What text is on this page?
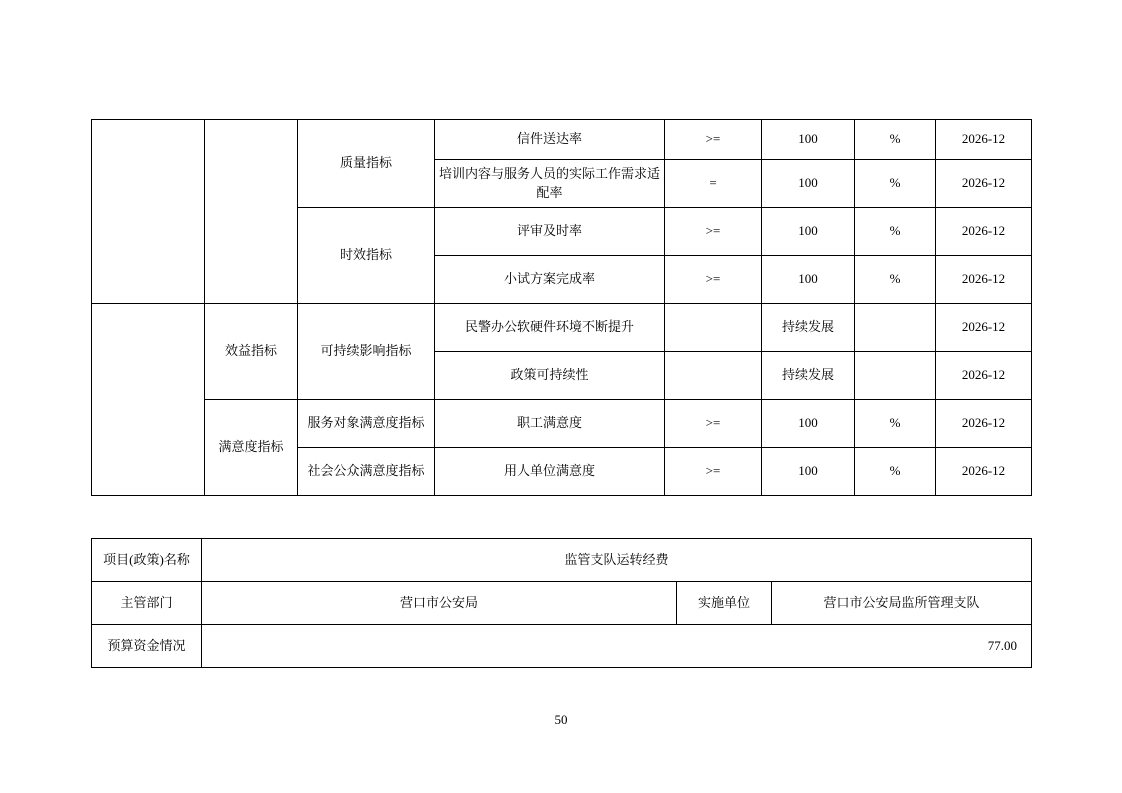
		质量指标	信件送达率	>=	100	%	2026-12
			培训内容与服务人员的实际工作需求适配率	=	100	%	2026-12
		时效指标	评审及时率	>=	100	%	2026-12
			小试方案完成率	>=	100	%	2026-12
	效益指标	可持续影响指标	民警办公软硬件环境不断提升		持续发展		2026-12
			政策可持续性		持续发展		2026-12
	满意度指标	服务对象满意度指标	职工满意度	>=	100	%	2026-12
		社会公众满意度指标	用人单位满意度	>=	100	%	2026-12
项目(政策)名称	监管支队运转经费		
主管部门	营口市公安局	实施单位	营口市公安局监所管理支队
预算资金情况	77.00		
50
